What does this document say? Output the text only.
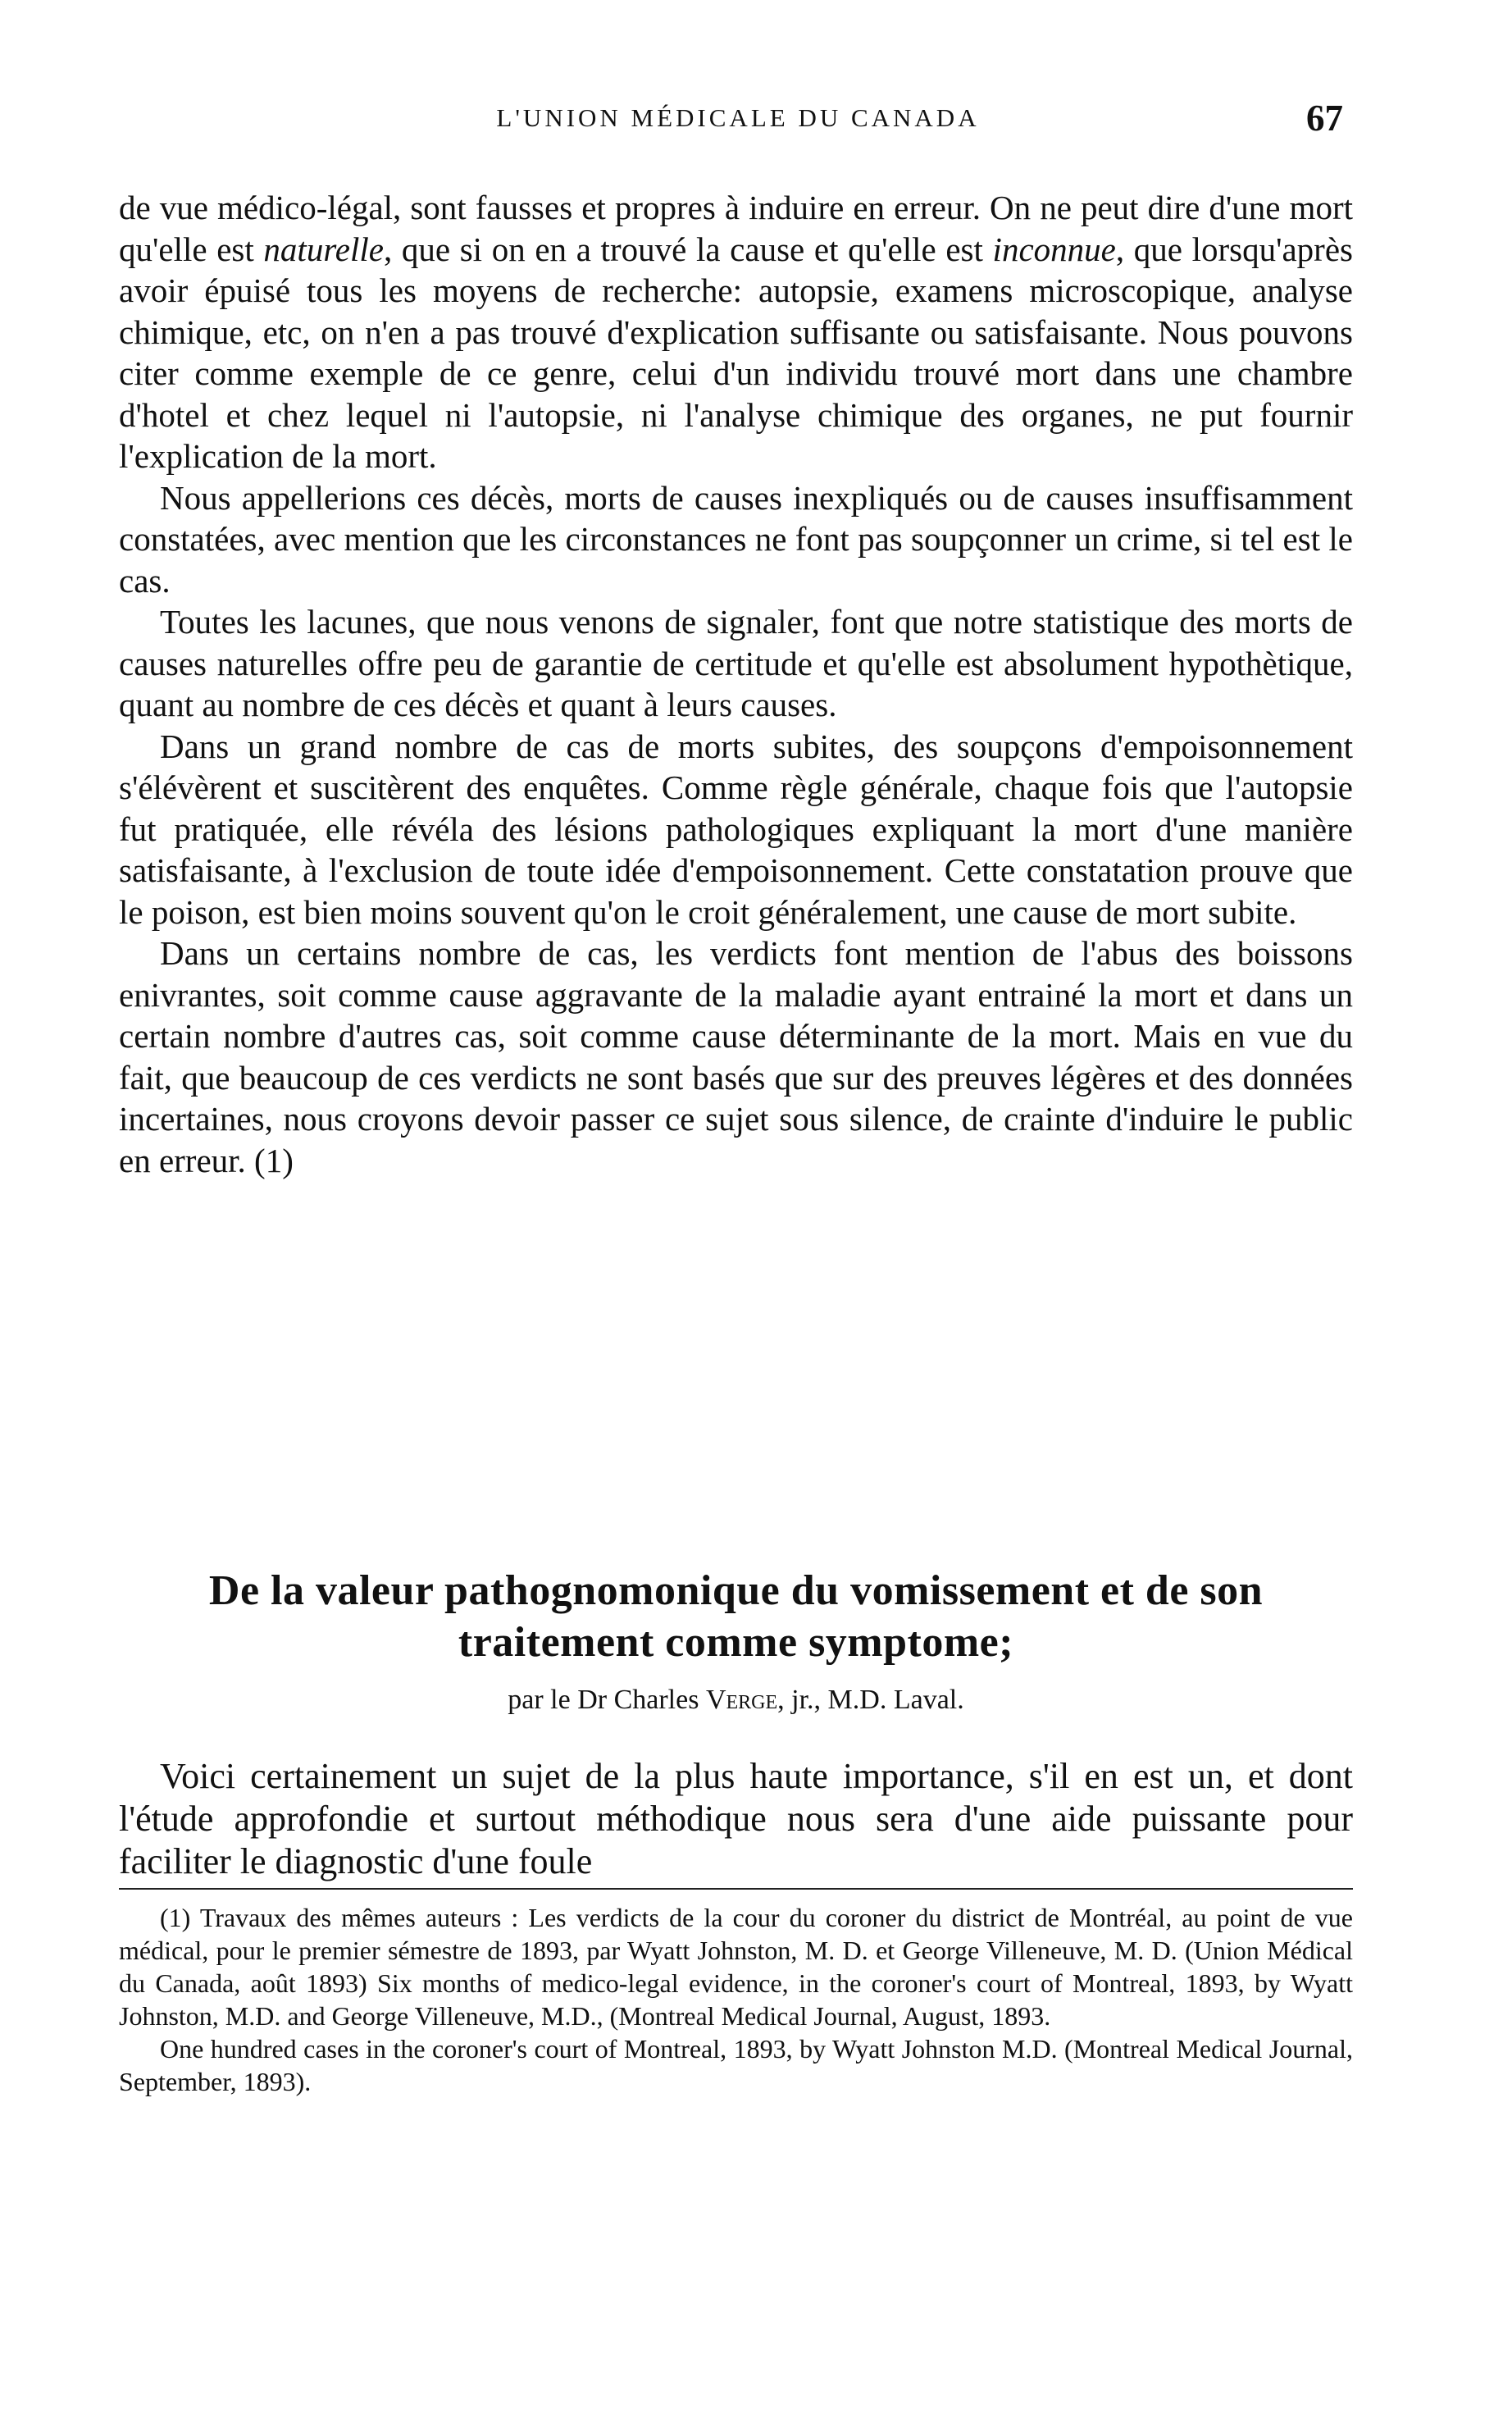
L'UNION MÉDICALE DU CANADA	67

de vue médico-légal, sont fausses et propres à induire en erreur. On ne peut dire d'une mort qu'elle est naturelle, que si on en a trouvé la cause et qu'elle est inconnue, que lorsqu'après avoir épuisé tous les moyens de recherche: autopsie, examens microscopique, analyse chimique, etc, on n'en a pas trouvé d'explication suffisante ou satisfaisante. Nous pouvons citer comme exemple de ce genre, celui d'un individu trouvé mort dans une chambre d'hotel et chez lequel ni l'autopsie, ni l'analyse chimique des organes, ne put fournir l'explication de la mort.

Nous appellerions ces décès, morts de causes inexpliqués ou de causes insuffisamment constatées, avec mention que les circonstances ne font pas soupçonner un crime, si tel est le cas.

Toutes les lacunes, que nous venons de signaler, font que notre statistique des morts de causes naturelles offre peu de garantie de certitude et qu'elle est absolument hypothètique, quant au nombre de ces décès et quant à leurs causes.

Dans un grand nombre de cas de morts subites, des soupçons d'empoisonnement s'élévèrent et suscitèrent des enquêtes. Comme règle générale, chaque fois que l'autopsie fut pratiquée, elle révéla des lésions pathologiques expliquant la mort d'une manière satisfaisante, à l'exclusion de toute idée d'empoisonnement. Cette constatation prouve que le poison, est bien moins souvent qu'on le croit généralement, une cause de mort subite.

Dans un certains nombre de cas, les verdicts font mention de l'abus des boissons enivrantes, soit comme cause aggravante de la maladie ayant entrainé la mort et dans un certain nombre d'autres cas, soit comme cause déterminante de la mort. Mais en vue du fait, que beaucoup de ces verdicts ne sont basés que sur des preuves légères et des données incertaines, nous croyons devoir passer ce sujet sous silence, de crainte d'induire le public en erreur. (1)

De la valeur pathognomonique du vomissement et de son traitement comme symptome;

par le Dr Charles Verge, jr., M.D. Laval.

Voici certainement un sujet de la plus haute importance, s'il en est un, et dont l'étude approfondie et surtout méthodique nous sera d'une aide puissante pour faciliter le diagnostic d'une foule

(1) Travaux des mêmes auteurs : Les verdicts de la cour du coroner du district de Montréal, au point de vue médical, pour le premier sémestre de 1893, par Wyatt Johnston, M. D. et George Villeneuve, M. D. (Union Médical du Canada, août 1893) Six months of medico-legal evidence, in the coroner's court of Montreal, 1893, by Wyatt Johnston, M.D. and George Villeneuve, M.D., (Montreal Medical Journal, August, 1893.

One hundred cases in the coroner's court of Montreal, 1893, by Wyatt Johnston M.D. (Montreal Medical Journal, September, 1893).
